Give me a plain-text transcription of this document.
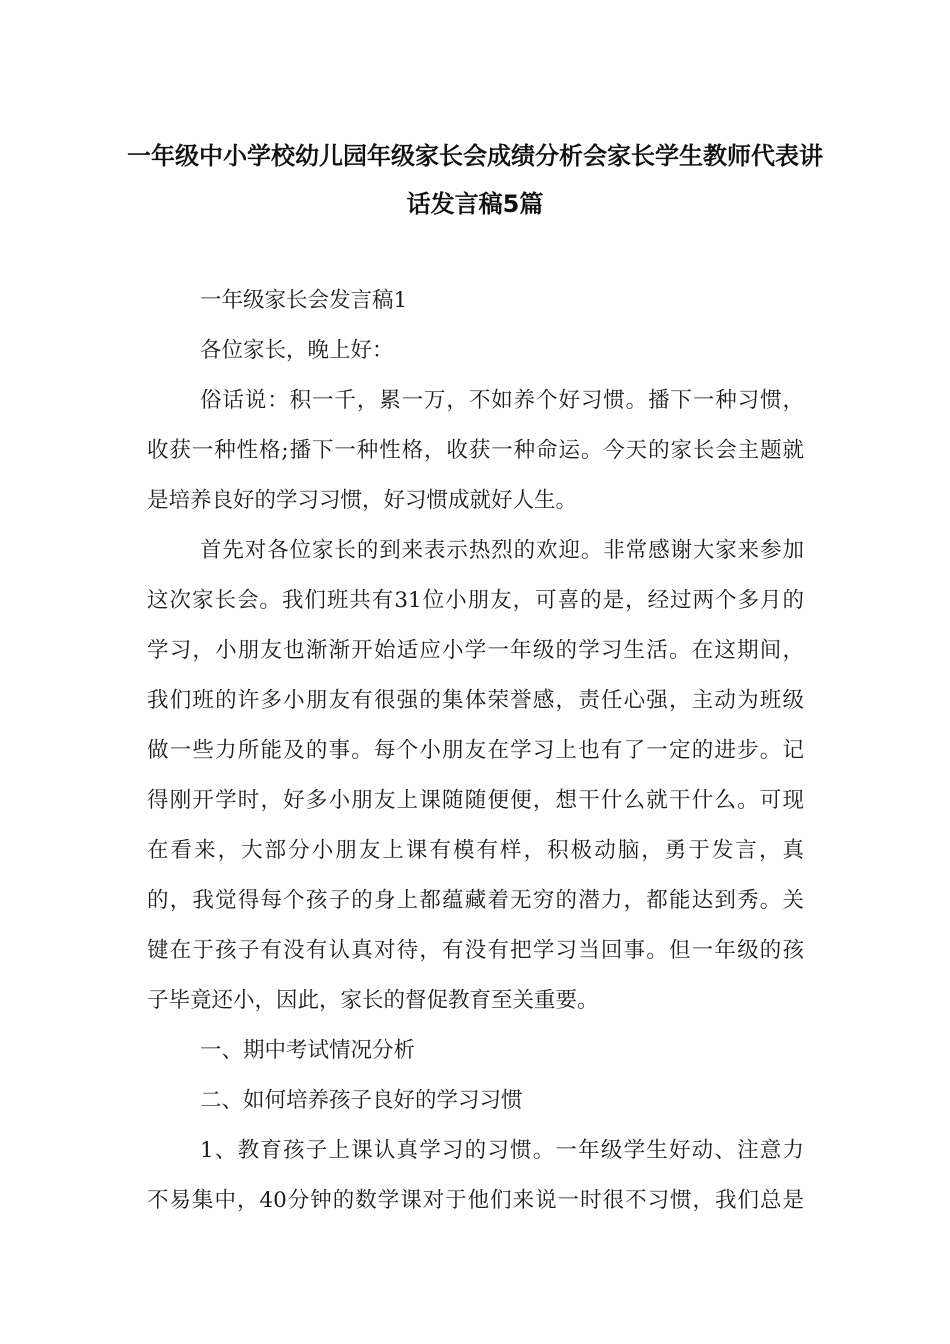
一年级中小学校幼儿园年级家长会成绩分析会家长学生教师代表讲
话发言稿5篇
一年级家长会发言稿1
各位家长，晚上好：
俗话说：积一千，累一万，不如养个好习惯。播下一种习惯，
收获一种性格;播下一种性格，收获一种命运。今天的家长会主题就
是培养良好的学习习惯，好习惯成就好人生。
首先对各位家长的到来表示热烈的欢迎。非常感谢大家来参加
这次家长会。我们班共有31位小朋友，可喜的是，经过两个多月的
学习，小朋友也渐渐开始适应小学一年级的学习生活。在这期间，
我们班的许多小朋友有很强的集体荣誉感，责任心强，主动为班级
做一些力所能及的事。每个小朋友在学习上也有了一定的进步。记
得刚开学时，好多小朋友上课随随便便，想干什么就干什么。可现
在看来，大部分小朋友上课有模有样，积极动脑，勇于发言，真
的，我觉得每个孩子的身上都蕴藏着无穷的潜力，都能达到秀。关
键在于孩子有没有认真对待，有没有把学习当回事。但一年级的孩
子毕竟还小，因此，家长的督促教育至关重要。
一、期中考试情况分析
二、如何培养孩子良好的学习习惯
1、教育孩子上课认真学习的习惯。一年级学生好动、注意力
不易集中，40分钟的数学课对于他们来说一时很不习惯，我们总是
